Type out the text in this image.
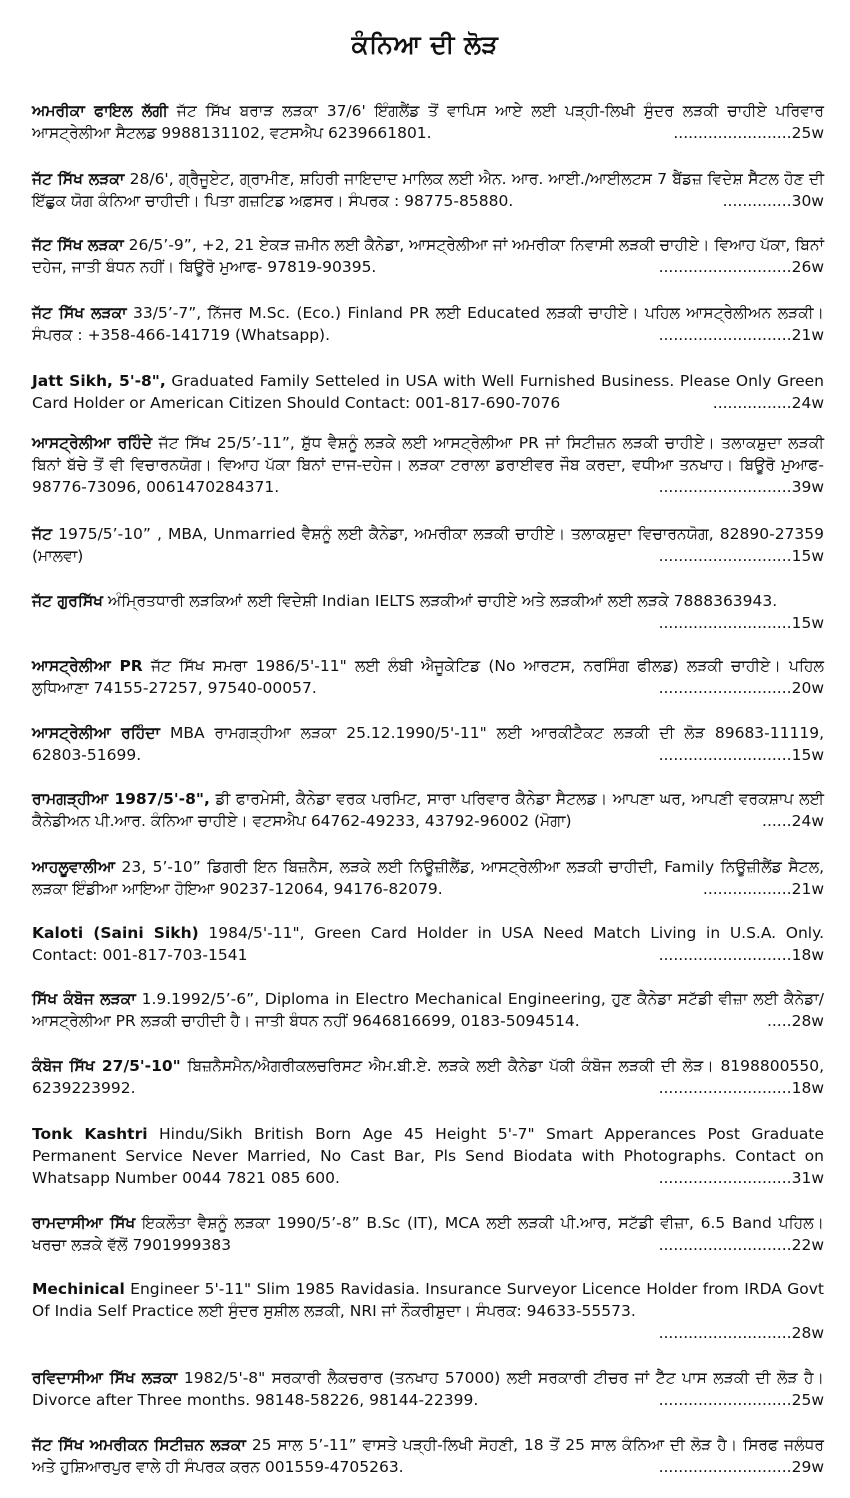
ਕੰਨਿਆ ਦੀ ਲੋੜ
ਅਮਰੀਕਾ ਫਾਇਲ ਲੱਗੀ ਜੱਟ ਸਿੱਖ ਬਰਾੜ ਲੜਕਾ 37/6' ਇੰਗਲੈਂਡ ਤੋਂ ਵਾਪਿਸ ਆਏ ਲਈ ਪੜ੍ਹੀ-ਲਿਖੀ ਸੁੰਦਰ ਲੜਕੀ ਚਾਹੀਏ ਪਰਿਵਾਰ ਆਸਟ੍ਰੇਲੀਆ ਸੈਟਲਡ 9988131102, ਵਟਸਐਪ 6239661801.	........................25w
ਜੱਟ ਸਿੱਖ ਲੜਕਾ 28/6', ਗ੍ਰੈਜੂਏਟ, ਗ੍ਰਾਮੀਣ, ਸ਼ਹਿਰੀ ਜਾਇਦਾਦ ਮਾਲਿਕ ਲਈ ਐਨ. ਆਰ. ਆਈ./ਆਈਲਟਸ 7 ਬੈਂਡਜ਼ ਵਿਦੇਸ਼ ਸੈੱਟਲ ਹੋਣ ਦੀ ਇੱਛੁਕ ਯੋਗ ਕੰਨਿਆ ਚਾਹੀਦੀ। ਪਿਤਾ ਗਜ਼ਟਿਡ ਅਫ਼ਸਰ। ਸੰਪਰਕ : 98775-85880.	..............30w
ਜੱਟ ਸਿੱਖ ਲੜਕਾ 26/5’-9”, +2, 21 ਏਕੜ ਜ਼ਮੀਨ ਲਈ ਕੈਨੇਡਾ, ਆਸਟ੍ਰੇਲੀਆ ਜਾਂ ਅਮਰੀਕਾ ਨਿਵਾਸੀ ਲੜਕੀ ਚਾਹੀਏ। ਵਿਆਹ ਪੱਕਾ, ਬਿਨਾਂ ਦਹੇਜ, ਜਾਤੀ ਬੰਧਨ ਨਹੀਂ। ਬਿਊਰੋ ਮੁਆਫ- 97819-90395.	...........................26w
ਜੱਟ ਸਿੱਖ ਲੜਕਾ 33/5’-7”, ਨਿੱਜਰ M.Sc. (Eco.) Finland PR ਲਈ Educated ਲੜਕੀ ਚਾਹੀਏ। ਪਹਿਲ ਆਸਟ੍ਰੇਲੀਅਨ ਲੜਕੀ। ਸੰਪਰਕ : +358-466-141719 (Whatsapp).	...........................21w
Jatt Sikh, 5'-8", Graduated Family Setteled in USA with Well Furnished Business. Please Only Green Card Holder or American Citizen Should Contact: 001-817-690-7076	................24w
ਆਸਟ੍ਰੇਲੀਆ ਰਹਿੰਦੇ ਜੱਟ ਸਿੱਖ 25/5’-11”, ਸ਼ੁੱਧ ਵੈਸ਼ਨੂੰ ਲੜਕੇ ਲਈ ਆਸਟ੍ਰੇਲੀਆ PR ਜਾਂ ਸਿਟੀਜ਼ਨ ਲੜਕੀ ਚਾਹੀਏ। ਤਲਾਕਸ਼ੁਦਾ ਲੜਕੀ ਬਿਨਾਂ ਬੱਚੇ ਤੋਂ ਵੀ ਵਿਚਾਰਨਯੋਗ। ਵਿਆਹ ਪੱਕਾ ਬਿਨਾਂ ਦਾਜ-ਦਹੇਜ। ਲੜਕਾ ਟਰਾਲਾ ਡਰਾਈਵਰ ਜੌਬ ਕਰਦਾ, ਵਧੀਆ ਤਨਖਾਹ। ਬਿਊਰੋ ਮੁਆਫ- 98776-73096, 0061470284371.	...........................39w
ਜੱਟ 1975/5’-10” , MBA, Unmarried ਵੈਸ਼ਨੂੰ ਲਈ ਕੈਨੇਡਾ, ਅਮਰੀਕਾ ਲੜਕੀ ਚਾਹੀਏ। ਤਲਾਕਸ਼ੁਦਾ ਵਿਚਾਰਨਯੋਗ, 82890-27359 (ਮਾਲਵਾ)	...........................15w
ਜੱਟ ਗੁਰਸਿੱਖ ਅੰਮ੍ਰਿਤਧਾਰੀ ਲੜਕਿਆਂ ਲਈ ਵਿਦੇਸ਼ੀ Indian IELTS ਲੜਕੀਆਂ ਚਾਹੀਏ ਅਤੇ ਲੜਕੀਆਂ ਲਈ ਲੜਕੇ 7888363943.
...........................15w
ਆਸਟ੍ਰੇਲੀਆ PR ਜੱਟ ਸਿੱਖ ਸਮਰਾ 1986/5'-11" ਲਈ ਲੰਬੀ ਐਜੂਕੇਟਿਡ (No ਆਰਟਸ, ਨਰਸਿੰਗ ਫੀਲਡ) ਲੜਕੀ ਚਾਹੀਏ। ਪਹਿਲ ਲੁਧਿਆਣਾ 74155-27257, 97540-00057.	...........................20w
ਆਸਟ੍ਰੇਲੀਆ ਰਹਿੰਦਾ MBA ਰਾਮਗੜ੍ਹੀਆ ਲੜਕਾ 25.12.1990/5'-11" ਲਈ ਆਰਕੀਟੈਕਟ ਲੜਕੀ ਦੀ ਲੋੜ 89683-11119, 62803-51699.	...........................15w
ਰਾਮਗੜ੍ਹੀਆ 1987/5'-8", ਡੀ ਫਾਰਮੇਸੀ, ਕੈਨੇਡਾ ਵਰਕ ਪਰਮਿਟ, ਸਾਰਾ ਪਰਿਵਾਰ ਕੈਨੇਡਾ ਸੈਟਲਡ। ਆਪਣਾ ਘਰ, ਆਪਣੀ ਵਰਕਸ਼ਾਪ ਲਈ ਕੈਨੇਡੀਅਨ ਪੀ.ਆਰ. ਕੰਨਿਆ ਚਾਹੀਏ। ਵਟਸਐਪ 64762-49233, 43792-96002 (ਮੋਗਾ)	......24w
ਆਹਲੂਵਾਲੀਆ 23, 5’-10” ਡਿਗਰੀ ਇਨ ਬਿਜ਼ਨੈਸ, ਲੜਕੇ ਲਈ ਨਿਊਜ਼ੀਲੈਂਡ, ਆਸਟ੍ਰੇਲੀਆ ਲੜਕੀ ਚਾਹੀਦੀ, Family ਨਿਊਜ਼ੀਲੈਂਡ ਸੈਟਲ, ਲੜਕਾ ਇੰਡੀਆ ਆਇਆ ਹੋਇਆ 90237-12064, 94176-82079.	..................21w
Kaloti (Saini Sikh) 1984/5'-11", Green Card Holder in USA Need Match Living in U.S.A. Only. Contact: 001-817-703-1541	...........................18w
ਸਿੱਖ ਕੰਬੋਜ ਲੜਕਾ 1.9.1992/5’-6”, Diploma in Electro Mechanical Engineering, ਹੁਣ ਕੈਨੇਡਾ ਸਟੱਡੀ ਵੀਜ਼ਾ ਲਈ ਕੈਨੇਡਾ/ਆਸਟ੍ਰੇਲੀਆ PR ਲੜਕੀ ਚਾਹੀਦੀ ਹੈ। ਜਾਤੀ ਬੰਧਨ ਨਹੀਂ 9646816699, 0183-5094514.	.....28w
ਕੰਬੋਜ ਸਿੱਖ 27/5'-10" ਬਿਜ਼ਨੈਸਮੈਨ/ਐਗਰੀਕਲਚਰਿਸਟ ਐਮ.ਬੀ.ਏ. ਲੜਕੇ ਲਈ ਕੈਨੇਡਾ ਪੱਕੀ ਕੰਬੋਜ ਲੜਕੀ ਦੀ ਲੋੜ। 8198800550, 6239223992.	...........................18w
Tonk Kashtri Hindu/Sikh British Born Age 45 Height 5'-7" Smart Apperances Post Graduate Permanent Service Never Married, No Cast Bar, Pls Send Biodata with Photographs. Contact on Whatsapp Number 0044 7821 085 600.	...........................31w
ਰਾਮਦਾਸੀਆ ਸਿੱਖ ਇਕਲੌਤਾ ਵੈਸ਼ਨੂੰ ਲੜਕਾ 1990/5’-8” B.Sc (IT), MCA ਲਈ ਲੜਕੀ ਪੀ.ਆਰ, ਸਟੱਡੀ ਵੀਜ਼ਾ, 6.5 Band ਪਹਿਲ। ਖਰਚਾ ਲੜਕੇ ਵੱਲੋਂ 7901999383	...........................22w
Mechinical Engineer 5'-11" Slim 1985 Ravidasia. Insurance Surveyor Licence Holder from IRDA Govt Of India Self Practice ਲਈ ਸੁੰਦਰ ਸੁਸ਼ੀਲ ਲੜਕੀ, NRI ਜਾਂ ਨੌਕਰੀਸ਼ੁਦਾ। ਸੰਪਰਕ: 94633-55573.
...........................28w
ਰਵਿਦਾਸੀਆ ਸਿੱਖ ਲੜਕਾ 1982/5'-8" ਸਰਕਾਰੀ ਲੈਕਚਰਾਰ (ਤਨਖਾਹ 57000) ਲਈ ਸਰਕਾਰੀ ਟੀਚਰ ਜਾਂ ਟੈੱਟ ਪਾਸ ਲੜਕੀ ਦੀ ਲੋੜ ਹੈ। Divorce after Three months. 98148-58226, 98144-22399.	...........................25w
ਜੱਟ ਸਿੱਖ ਅਮਰੀਕਨ ਸਿਟੀਜ਼ਨ ਲੜਕਾ 25 ਸਾਲ 5’-11” ਵਾਸਤੇ ਪੜ੍ਹੀ-ਲਿਖੀ ਸੋਹਣੀ, 18 ਤੋਂ 25 ਸਾਲ ਕੰਨਿਆ ਦੀ ਲੋੜ ਹੈ। ਸਿਰਫ ਜਲੰਧਰ ਅਤੇ ਹੁਸ਼ਿਆਰਪੁਰ ਵਾਲੇ ਹੀ ਸੰਪਰਕ ਕਰਨ 001559-4705263.	...........................29w
